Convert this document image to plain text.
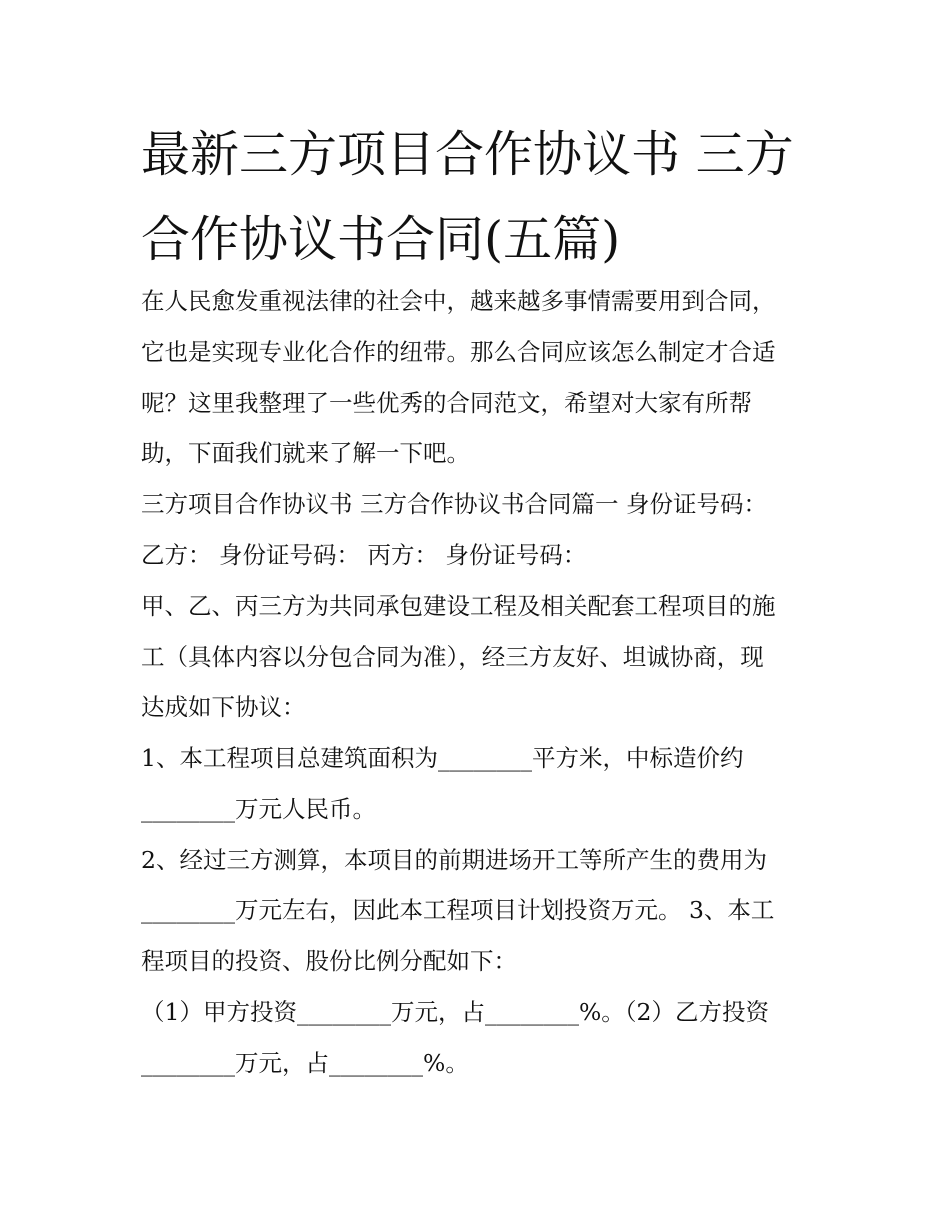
最新三方项目合作协议书 三方合作协议书合同(五篇)

在人民愈发重视法律的社会中，越来越多事情需要用到合同，

它也是实现专业化合作的纽带。那么合同应该怎么制定才合适

呢？这里我整理了一些优秀的合同范文，希望对大家有所帮

助，下面我们就来了解一下吧。

三方项目合作协议书 三方合作协议书合同篇一 身份证号码：

乙方： 身份证号码： 丙方： 身份证号码：

甲、乙、丙三方为共同承包建设工程及相关配套工程项目的施

工（具体内容以分包合同为准），经三方友好、坦诚协商，现

达成如下协议：

1、本工程项目总建筑面积为________平方米，中标造价约

________万元人民币。

2、经过三方测算，本项目的前期进场开工等所产生的费用为

________万元左右，因此本工程项目计划投资万元。 3、本工

程项目的投资、股份比例分配如下：

（1）甲方投资________万元，占________%。（2）乙方投资

________万元，占________%。
